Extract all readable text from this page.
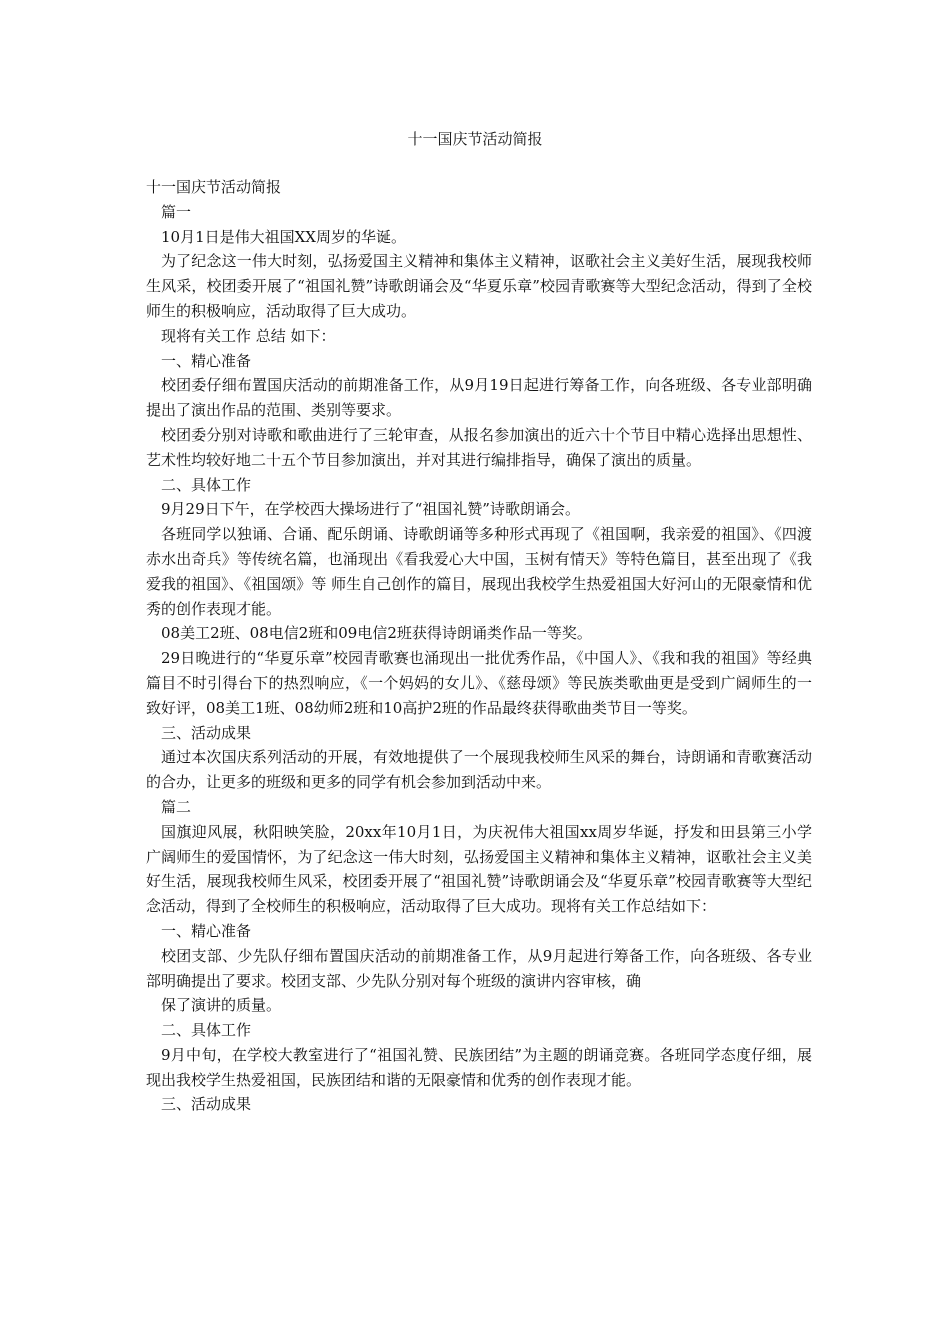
十一国庆节活动简报

十一国庆节活动简报

篇一

10月1日是伟大祖国XX周岁的华诞。

为了纪念这一伟大时刻，弘扬爱国主义精神和集体主义精神，讴歌社会主义美好生活，展现我校师生风采，校团委开展了“祖国礼赞”诗歌朗诵会及“华夏乐章”校园青歌赛等大型纪念活动，得到了全校师生的积极响应，活动取得了巨大成功。

现将有关工作 总结 如下：

一、精心准备

校团委仔细布置国庆活动的前期准备工作，从9月19日起进行筹备工作，向各班级、各专业部明确提出了演出作品的范围、类别等要求。

校团委分别对诗歌和歌曲进行了三轮审查，从报名参加演出的近六十个节目中精心选择出思想性、艺术性均较好地二十五个节目参加演出，并对其进行编排指导，确保了演出的质量。

二、具体工作

9月29日下午，在学校西大操场进行了“祖国礼赞”诗歌朗诵会。

各班同学以独诵、合诵、配乐朗诵、诗歌朗诵等多种形式再现了《祖国啊，我亲爱的祖国》、《四渡赤水出奇兵》等传统名篇，也涌现出《看我爱心大中国，玉树有情天》等特色篇目，甚至出现了《我爱我的祖国》、《祖国颂》等 师生自己创作的篇目，展现出我校学生热爱祖国大好河山的无限豪情和优秀的创作表现才能。

08美工2班、08电信2班和09电信2班获得诗朗诵类作品一等奖。

29日晚进行的“华夏乐章”校园青歌赛也涌现出一批优秀作品，《中国人》、《我和我的祖国》等经典篇目不时引得台下的热烈响应，《一个妈妈的女儿》、《慈母颂》等民族类歌曲更是受到广阔师生的一致好评，08美工1班、08幼师2班和10高护2班的作品最终获得歌曲类节目一等奖。

三、活动成果

通过本次国庆系列活动的开展，有效地提供了一个展现我校师生风采的舞台，诗朗诵和青歌赛活动的合办，让更多的班级和更多的同学有机会参加到活动中来。

篇二

国旗迎风展，秋阳映笑脸，20xx年10月1日，为庆祝伟大祖国xx周岁华诞，抒发和田县第三小学广阔师生的爱国情怀，为了纪念这一伟大时刻，弘扬爱国主义精神和集体主义精神，讴歌社会主义美好生活，展现我校师生风采，校团委开展了“祖国礼赞”诗歌朗诵会及“华夏乐章”校园青歌赛等大型纪念活动，得到了全校师生的积极响应，活动取得了巨大成功。现将有关工作总结如下：

一、精心准备

校团支部、少先队仔细布置国庆活动的前期准备工作，从9月起进行筹备工作，向各班级、各专业部明确提出了要求。校团支部、少先队分别对每个班级的演讲内容审核，确

保了演讲的质量。

二、具体工作

9月中旬，在学校大教室进行了“祖国礼赞、民族团结”为主题的朗诵竞赛。各班同学态度仔细，展现出我校学生热爱祖国，民族团结和谐的无限豪情和优秀的创作表现才能。

三、活动成果
